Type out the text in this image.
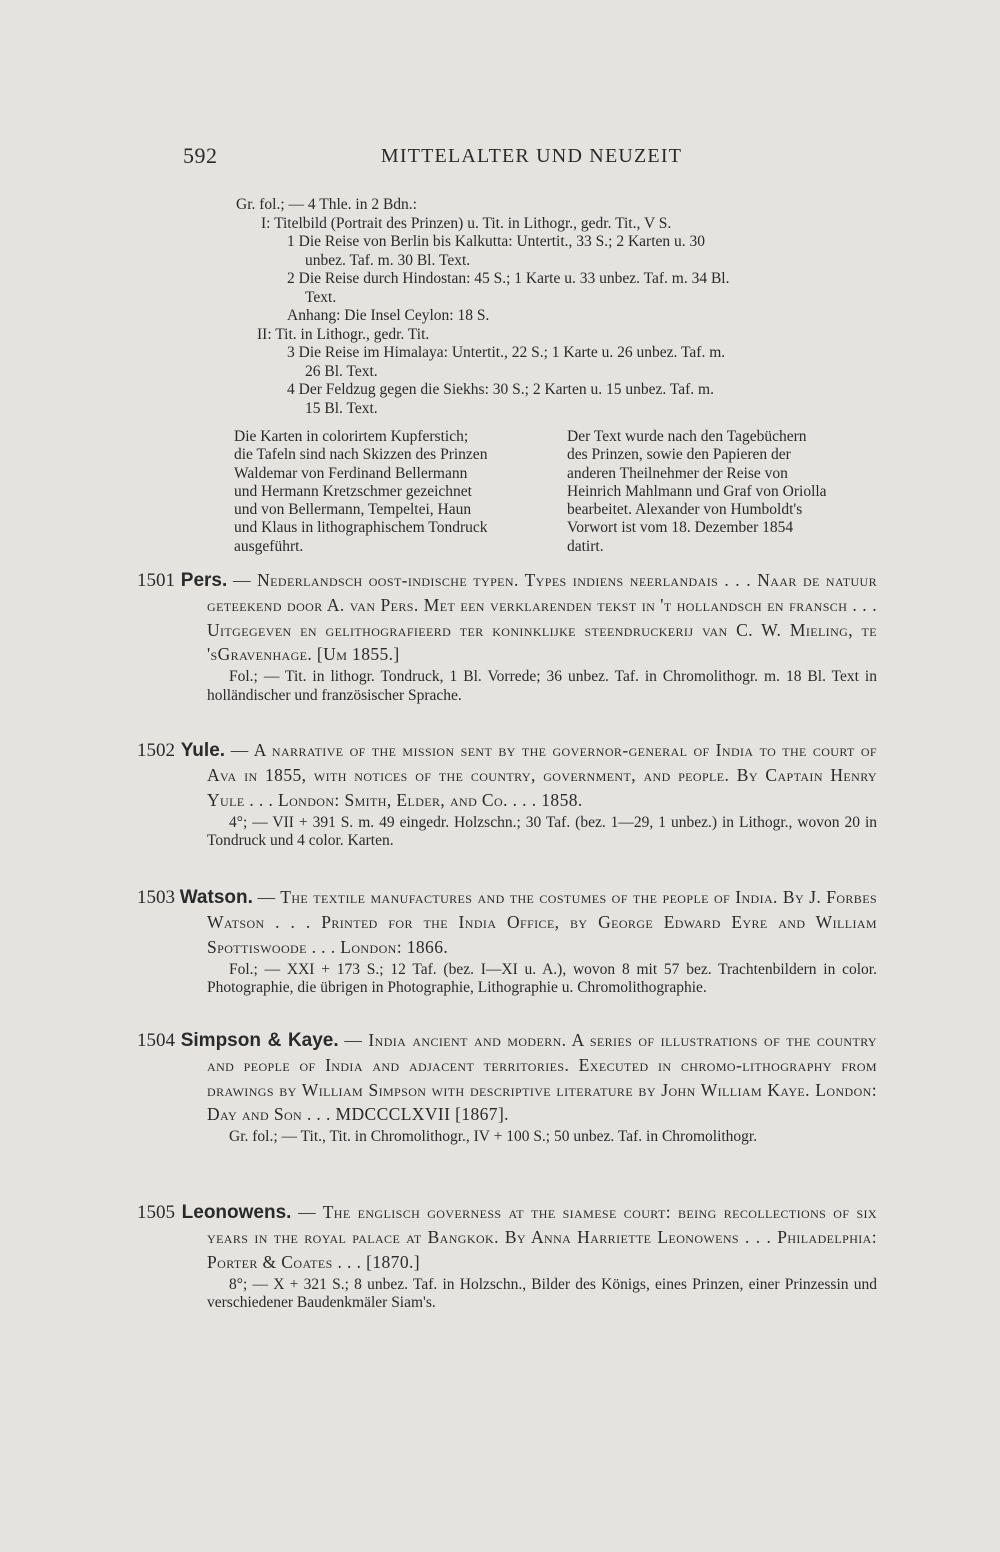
592	MITTELALTER UND NEUZEIT
Gr. fol.; — 4 Thle. in 2 Bdn.:
I: Titelbild (Portrait des Prinzen) u. Tit. in Lithogr., gedr. Tit., V S.
1 Die Reise von Berlin bis Kalkutta: Untertit., 33 S.; 2 Karten u. 30
unbez. Taf. m. 30 Bl. Text.
2 Die Reise durch Hindostan: 45 S.; 1 Karte u. 33 unbez. Taf. m. 34 Bl.
Text.
Anhang: Die Insel Ceylon: 18 S.
II: Tit. in Lithogr., gedr. Tit.
3 Die Reise im Himalaya: Untertit., 22 S.; 1 Karte u. 26 unbez. Taf. m.
26 Bl. Text.
4 Der Feldzug gegen die Siekhs: 30 S.; 2 Karten u. 15 unbez. Taf. m.
15 Bl. Text.

Die Karten in colorirtem Kupferstich;

die Tafeln sind nach Skizzen des Prinzen

Waldemar von Ferdinand Bellermann

und Hermann Kretzschmer gezeichnet

und von Bellermann, Tempeltei, Haun

und Klaus in lithographischem Tondruck

ausgeführt.

Der Text wurde nach den Tagebüchern

des Prinzen, sowie den Papieren der

anderen Theilnehmer der Reise von

Heinrich Mahlmann und Graf von Oriolla

bearbeitet. Alexander von Humboldt's

Vorwort ist vom 18. Dezember 1854

datirt.

1501 Pers. — Nederlandsch oost-indische typen. Types indiens neerlandais . . . Naar de natuur geteekend door A. van Pers. Met een verklarenden tekst in 't hollandsch en fransch . . . Uitgegeven en gelithografieerd ter koninklijke steendruckerij van C. W. Mieling, te 'sGravenhage. [Um 1855.]
Fol.; — Tit. in lithogr. Tondruck, 1 Bl. Vorrede; 36 unbez. Taf. in Chromolithogr. m. 18 Bl. Text in holländischer und französischer Sprache.
1502 Yule. — A narrative of the mission sent by the governor-general of India to the court of Ava in 1855, with notices of the country, government, and people. By Captain Henry Yule . . . London: Smith, Elder, and Co. . . . 1858.
4°; — VII + 391 S. m. 49 eingedr. Holzschn.; 30 Taf. (bez. 1—29, 1 unbez.) in Lithogr., wovon 20 in Tondruck und 4 color. Karten.
1503 Watson. — The textile manufactures and the costumes of the people of India. By J. Forbes Watson . . . Printed for the India Office, by George Edward Eyre and William Spottiswoode . . . London: 1866.
Fol.; — XXI + 173 S.; 12 Taf. (bez. I—XI u. A.), wovon 8 mit 57 bez. Trachtenbildern in color. Photographie, die übrigen in Photographie, Lithographie u. Chromolithographie.
1504 Simpson & Kaye. — India ancient and modern. A series of illustrations of the country and people of India and adjacent territories. Executed in chromo-lithography from drawings by William Simpson with descriptive literature by John William Kaye. London: Day and Son . . . MDCCCLXVII [1867].
Gr. fol.; — Tit., Tit. in Chromolithogr., IV + 100 S.; 50 unbez. Taf. in Chromolithogr.
1505 Leonowens. — The englisch governess at the siamese court: being recollections of six years in the royal palace at Bangkok. By Anna Harriette Leonowens . . . Philadelphia: Porter & Coates . . . [1870.]
8°; — X + 321 S.; 8 unbez. Taf. in Holzschn., Bilder des Königs, eines Prinzen, einer Prinzessin und verschiedener Baudenkmäler Siam's.
